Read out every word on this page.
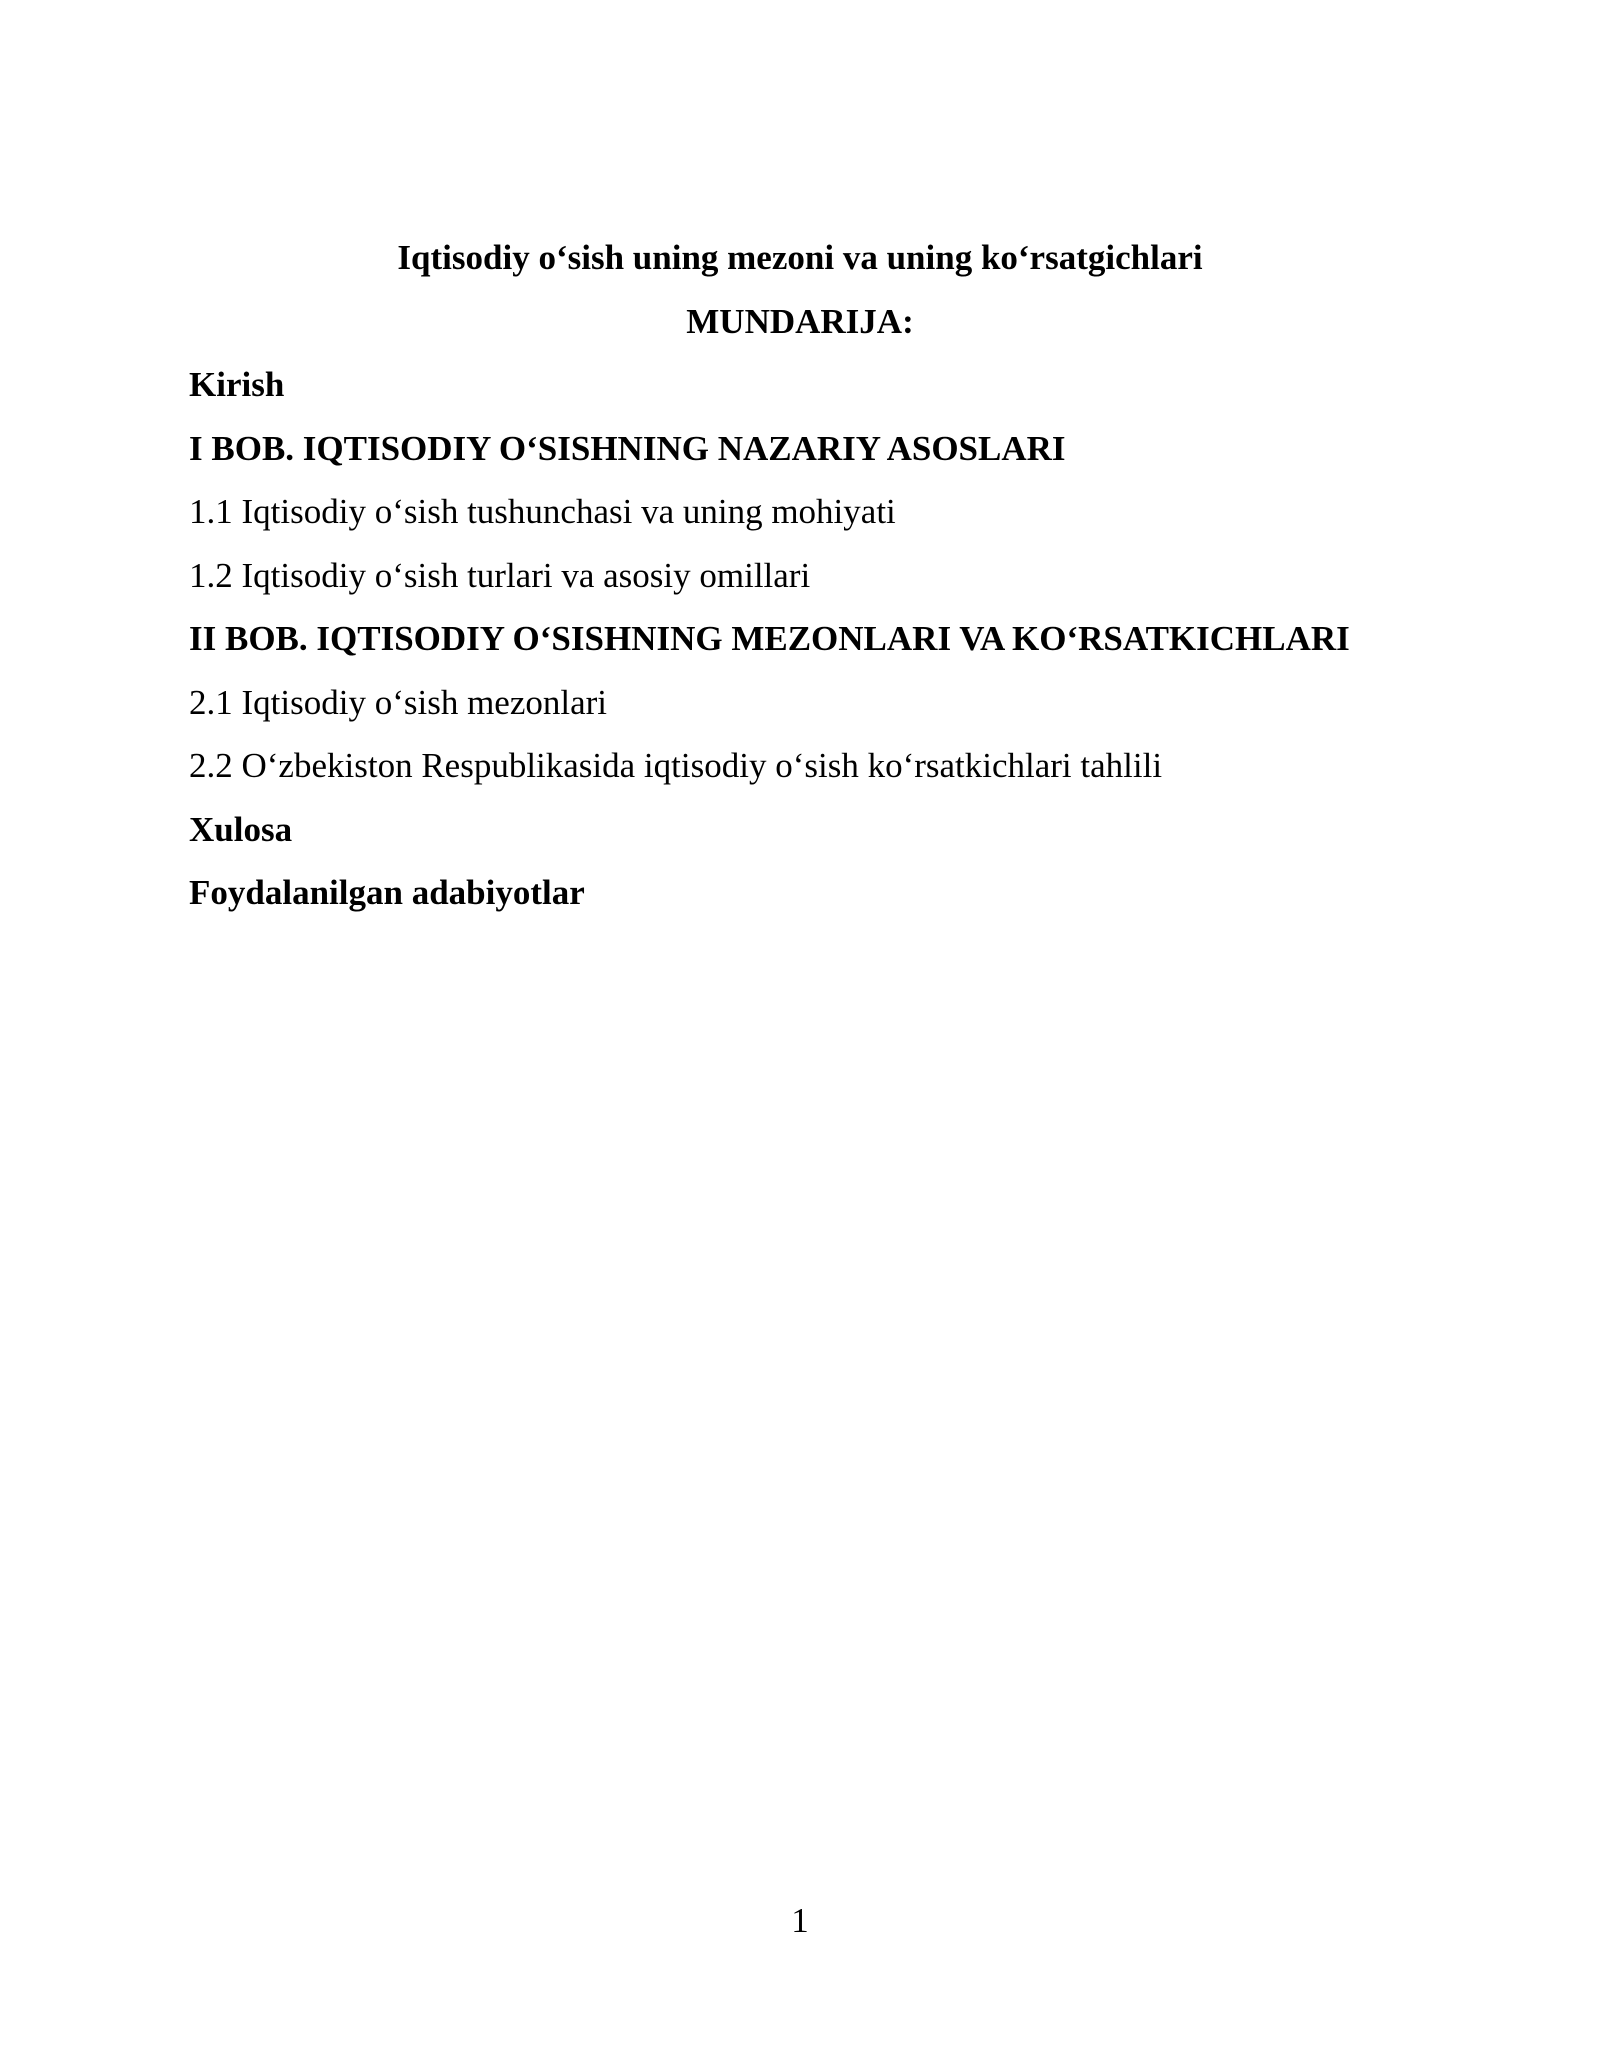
Iqtisodiy o‘sish uning mezoni va uning ko‘rsatgichlari
MUNDARIJA:
Kirish
I BOB. IQTISODIY O‘SISHNING NAZARIY ASOSLARI
1.1 Iqtisodiy o‘sish tushunchasi va uning mohiyati
1.2 Iqtisodiy o‘sish turlari va asosiy omillari
II BOB. IQTISODIY O‘SISHNING MEZONLARI VA KO‘RSATKICHLARI
2.1 Iqtisodiy o‘sish mezonlari
2.2 O‘zbekiston Respublikasida iqtisodiy o‘sish ko‘rsatkichlari tahlili
Xulosa
Foydalanilgan adabiyotlar
1
